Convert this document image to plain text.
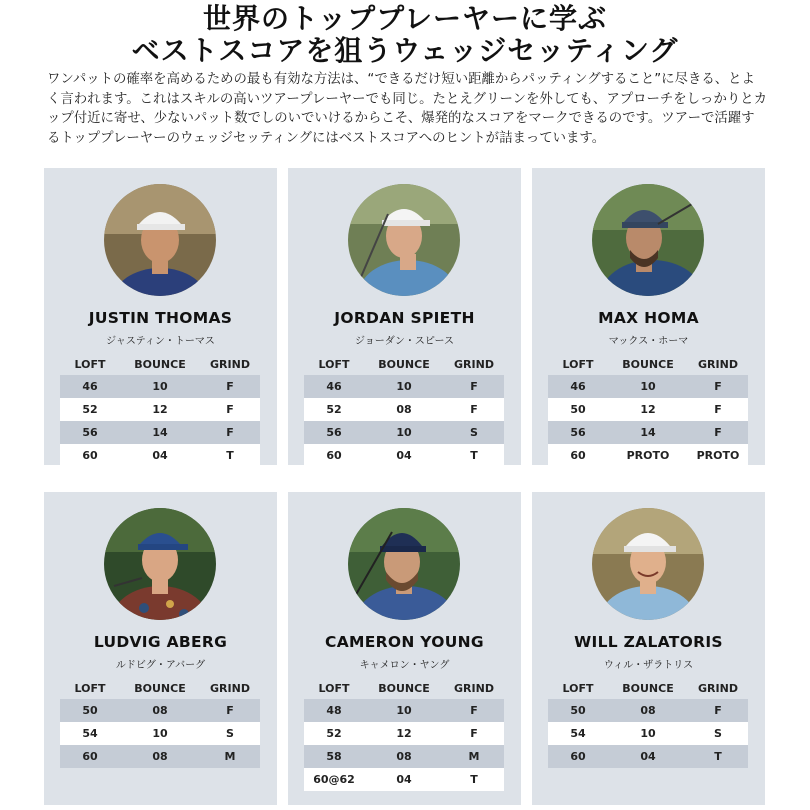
世界のトッププレーヤーに学ぶ
ベストスコアを狙うウェッジセッティング
ワンパットの確率を高めるための最も有効な方法は、“できるだけ短い距離からパッティングすること”に尽きる、とよく言われます。これはスキルの高いツアープレーヤーでも同じ。たとえグリーンを外しても、アプローチをしっかりとカップ付近に寄せ、少ないパット数でしのいでいけるからこそ、爆発的なスコアをマークできるのです。ツアーで活躍するトッププレーヤーのウェッジセッティングにはベストスコアへのヒントが詰まっています。
JUSTIN THOMAS
ジャスティン・トーマス
LOFT	BOUNCE	GRIND
46	10	F
52	12	F
56	14	F
60	04	T
JORDAN SPIETH
ジョーダン・スピース
LOFT	BOUNCE	GRIND
46	10	F
52	08	F
56	10	S
60	04	T
MAX HOMA
マックス・ホーマ
LOFT	BOUNCE	GRIND
46	10	F
50	12	F
56	14	F
60	PROTO	PROTO
LUDVIG ABERG
ルドビグ・アバーグ
LOFT	BOUNCE	GRIND
50	08	F
54	10	S
60	08	M
CAMERON YOUNG
キャメロン・ヤング
LOFT	BOUNCE	GRIND
48	10	F
52	12	F
58	08	M
60@62	04	T
WILL ZALATORIS
ウィル・ザラトリス
LOFT	BOUNCE	GRIND
50	08	F
54	10	S
60	04	T
